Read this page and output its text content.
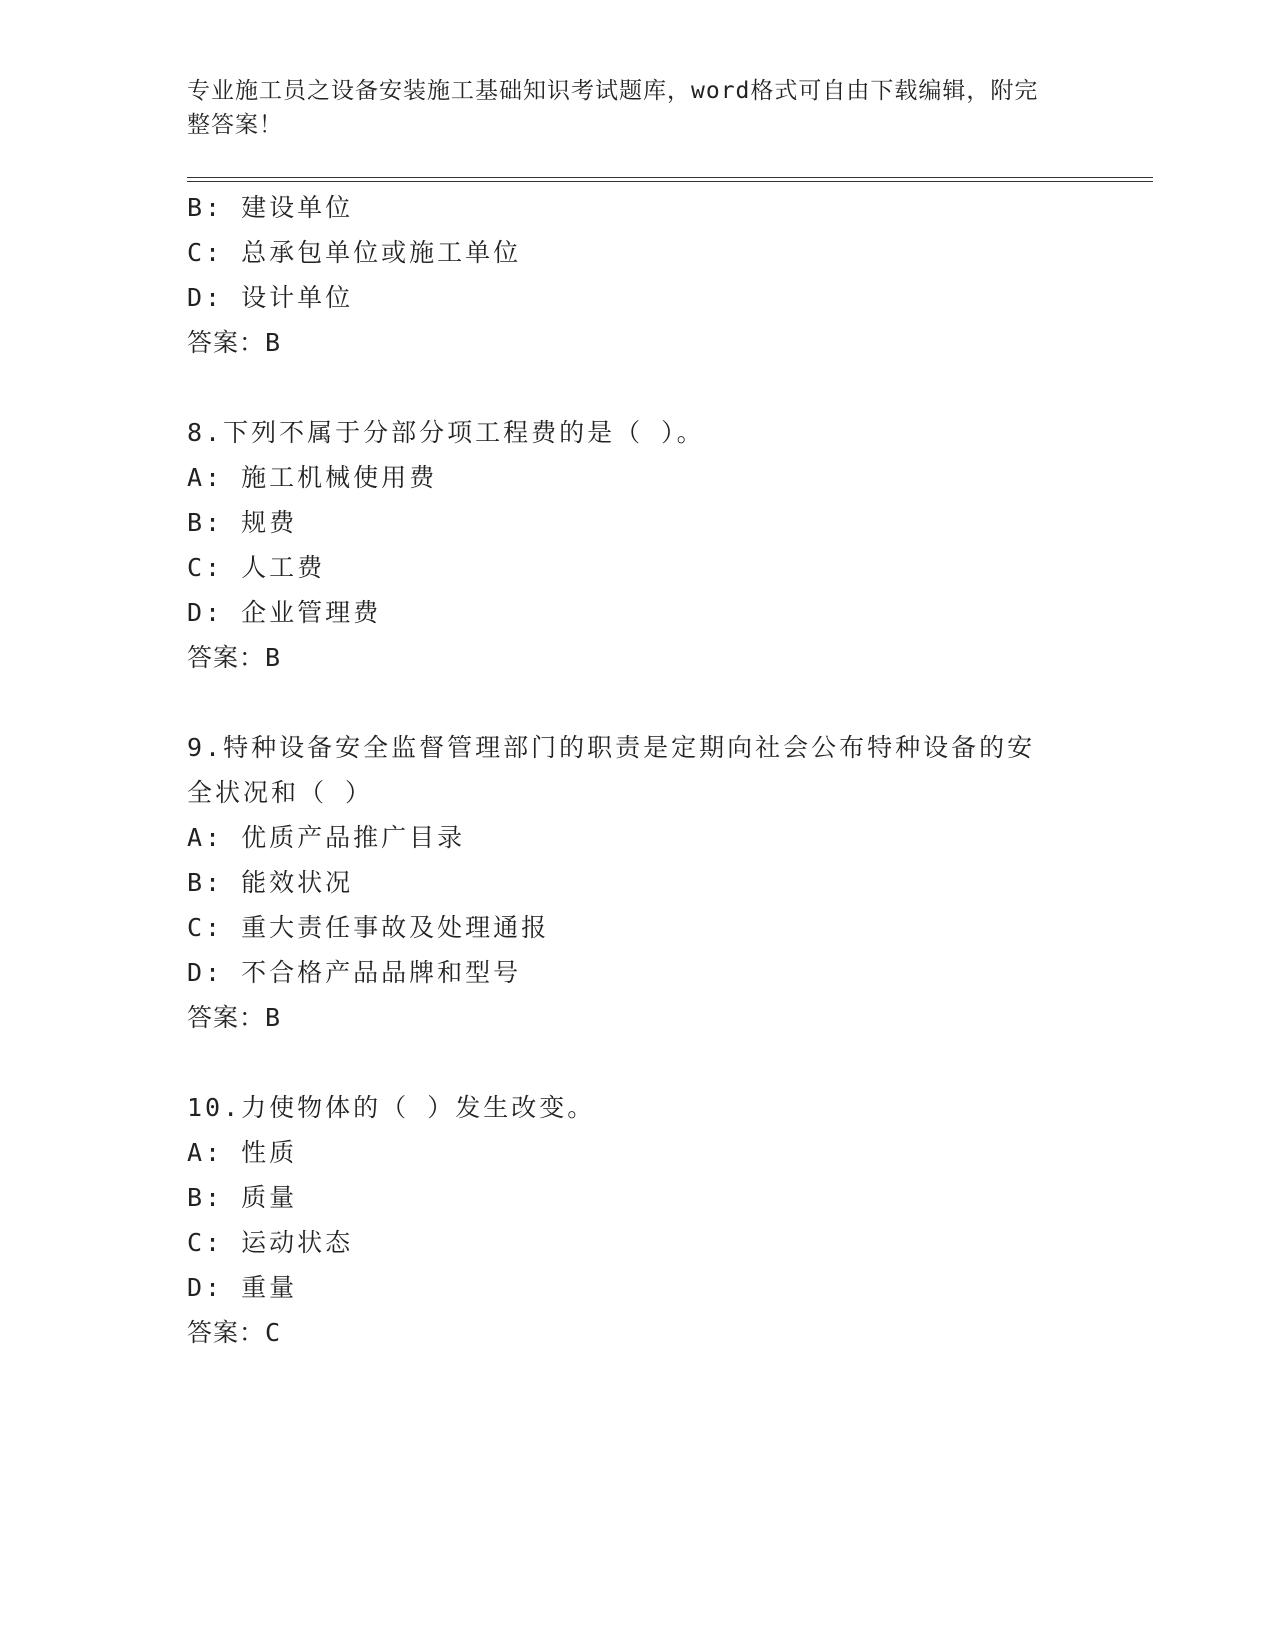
专业施工员之设备安装施工基础知识考试题库，word格式可自由下载编辑，附完
整答案！
B: 建设单位
C: 总承包单位或施工单位
D: 设计单位
答案：B
8.下列不属于分部分项工程费的是（ ）。
A: 施工机械使用费
B: 规费
C: 人工费
D: 企业管理费
答案：B
9.特种设备安全监督管理部门的职责是定期向社会公布特种设备的安
全状况和（ ）
A: 优质产品推广目录
B: 能效状况
C: 重大责任事故及处理通报
D: 不合格产品品牌和型号
答案：B
10.力使物体的（ ）发生改变。
A: 性质
B: 质量
C: 运动状态
D: 重量
答案：C
